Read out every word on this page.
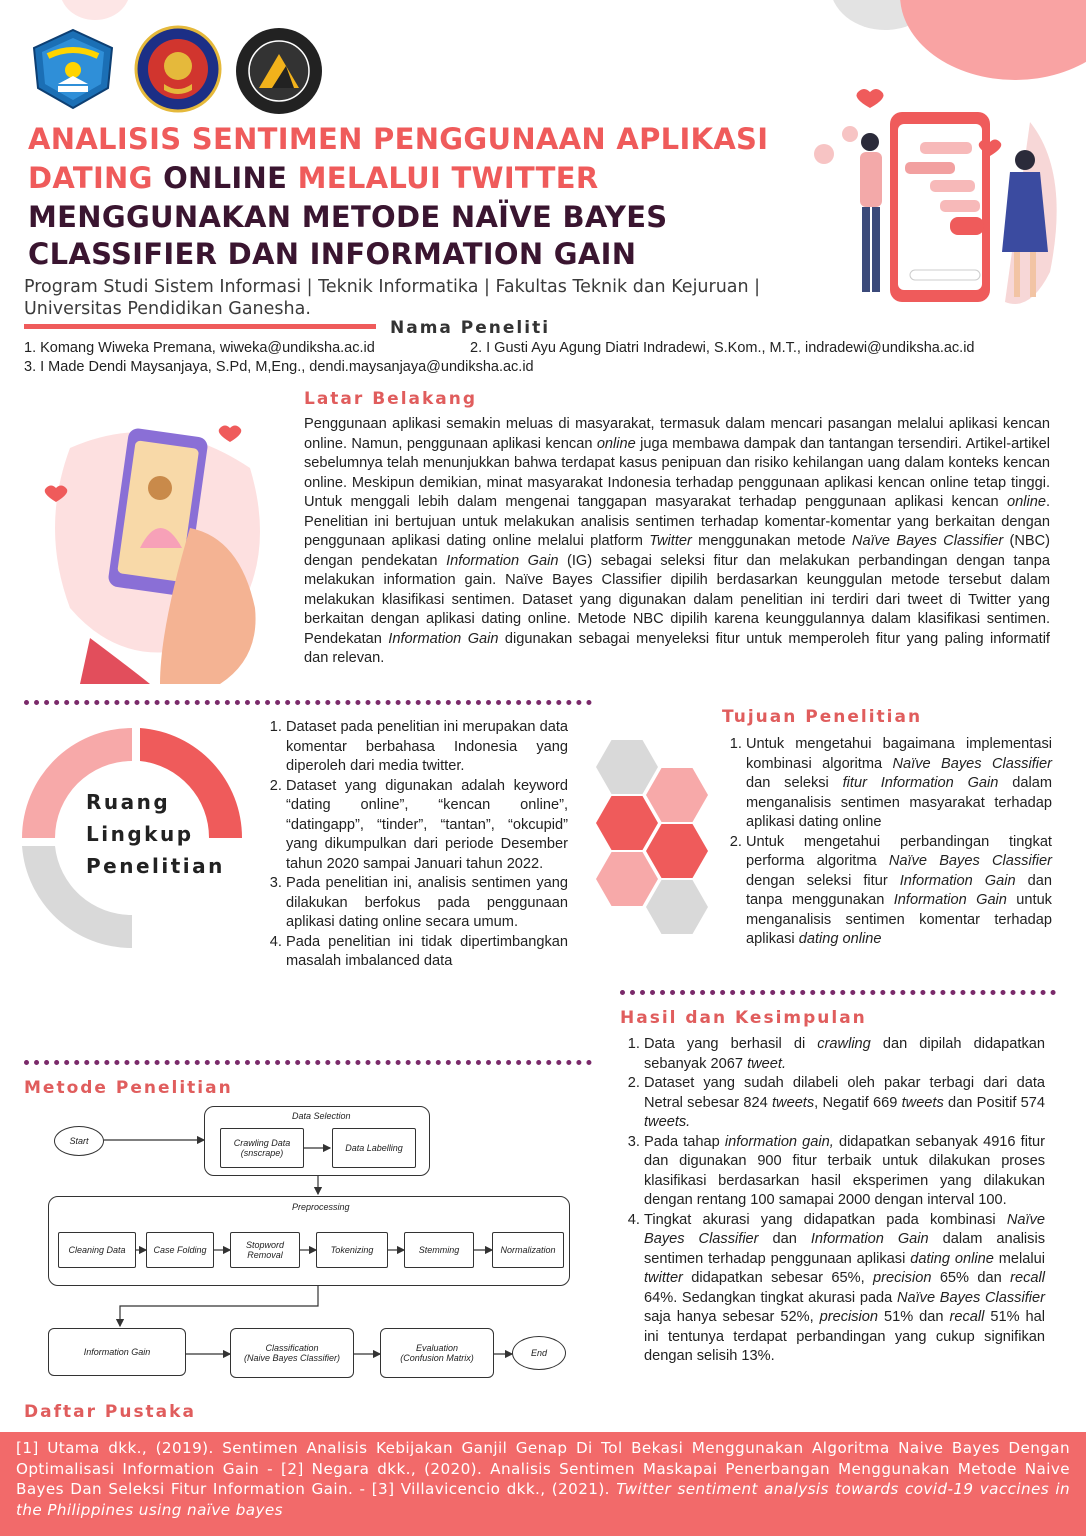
ANALISIS SENTIMEN PENGGUNAAN APLIKASI
DATING ONLINE MELALUI TWITTER
MENGGUNAKAN METODE NAÏVE BAYES
CLASSIFIER DAN INFORMATION GAIN
Program Studi Sistem Informasi | Teknik Informatika | Fakultas Teknik dan Kejuruan |
Universitas Pendidikan Ganesha.
Nama Peneliti
1. Komang Wiweka Premana, wiweka@undiksha.ac.id	2. I Gusti Ayu Agung Diatri Indradewi, S.Kom., M.T., indradewi@undiksha.ac.id
3. I Made Dendi Maysanjaya, S.Pd, M,Eng., dendi.maysanjaya@undiksha.ac.id
Latar Belakang
Penggunaan aplikasi semakin meluas di masyarakat, termasuk dalam mencari pasangan melalui aplikasi kencan online. Namun, penggunaan aplikasi kencan online juga membawa dampak dan tantangan tersendiri. Artikel-artikel sebelumnya telah menunjukkan bahwa terdapat kasus penipuan dan risiko kehilangan uang dalam konteks kencan online. Meskipun demikian, minat masyarakat Indonesia terhadap penggunaan aplikasi kencan online tetap tinggi. Untuk menggali lebih dalam mengenai tanggapan masyarakat terhadap penggunaan aplikasi kencan online. Penelitian ini bertujuan untuk melakukan analisis sentimen terhadap komentar-komentar yang berkaitan dengan penggunaan aplikasi dating online melalui platform Twitter menggunakan metode Naïve Bayes Classifier (NBC) dengan pendekatan Information Gain (IG) sebagai seleksi fitur dan melakukan perbandingan dengan tanpa melakukan information gain. Naïve Bayes Classifier dipilih berdasarkan keunggulan metode tersebut dalam melakukan klasifikasi sentimen. Dataset yang digunakan dalam penelitian ini terdiri dari tweet di Twitter yang berkaitan dengan aplikasi dating online. Metode NBC dipilih karena keunggulannya dalam klasifikasi sentimen. Pendekatan Information Gain digunakan sebagai menyeleksi fitur untuk memperoleh fitur yang paling informatif dan relevan.
Ruang
Lingkup
Penelitian
1. Dataset pada penelitian ini merupakan data komentar berbahasa Indonesia yang diperoleh dari media twitter.
2. Dataset yang digunakan adalah keyword “dating online”, “kencan online”, “datingapp”, “tinder”, “tantan”, “okcupid” yang dikumpulkan dari periode Desember tahun 2020 sampai Januari tahun 2022.
3. Pada penelitian ini, analisis sentimen yang dilakukan berfokus pada penggunaan aplikasi dating online secara umum.
4. Pada penelitian ini tidak dipertimbangkan masalah imbalanced data
Tujuan Penelitian
1. Untuk mengetahui bagaimana implementasi kombinasi algoritma Naïve Bayes Classifier dan seleksi fitur Information Gain dalam menganalisis sentimen masyarakat terhadap aplikasi dating online
2. Untuk mengetahui perbandingan tingkat performa algoritma Naïve Bayes Classifier dengan seleksi fitur Information Gain dan tanpa menggunakan Information Gain untuk menganalisis sentimen komentar terhadap aplikasi dating online
Hasil dan Kesimpulan
1. Data yang berhasil di crawling dan dipilah didapatkan sebanyak 2067 tweet.
2. Dataset yang sudah dilabeli oleh pakar terbagi dari data Netral sebesar 824 tweets, Negatif 669 tweets dan Positif 574 tweets.
3. Pada tahap information gain, didapatkan sebanyak 4916 fitur dan digunakan 900 fitur terbaik untuk dilakukan proses klasifikasi berdasarkan hasil eksperimen yang dilakukan dengan rentang 100 samapai 2000 dengan interval 100.
4. Tingkat akurasi yang didapatkan pada kombinasi Naïve Bayes Classifier dan Information Gain dalam analisis sentimen terhadap penggunaan aplikasi dating online melalui twitter didapatkan sebesar 65%, precision 65% dan recall 64%. Sedangkan tingkat akurasi pada Naïve Bayes Classifier saja hanya sebesar 52%, precision 51% dan recall 51% hal ini tentunya terdapat perbandingan yang cukup signifikan dengan selisih 13%.
Metode Penelitian
Start
Data Selection
Crawling Data
(snscrape)	Data Labelling
Preprocessing
Cleaning Data	Case Folding	Stopword
Removal	Tokenizing	Stemming	Normalization
Information Gain	Classification
(Naive Bayes Classifier)
Evaluation
(Confusion Matrix)	End
Daftar Pustaka
[1] Utama dkk., (2019). Sentimen Analisis Kebijakan Ganjil Genap Di Tol Bekasi Menggunakan Algoritma Naive Bayes Dengan Optimalisasi Information Gain - [2] Negara dkk., (2020). Analisis Sentimen Maskapai Penerbangan Menggunakan Metode Naive Bayes Dan Seleksi Fitur Information Gain. - [3] Villavicencio dkk., (2021). Twitter sentiment analysis towards covid-19 vaccines in the Philippines using naïve bayes
